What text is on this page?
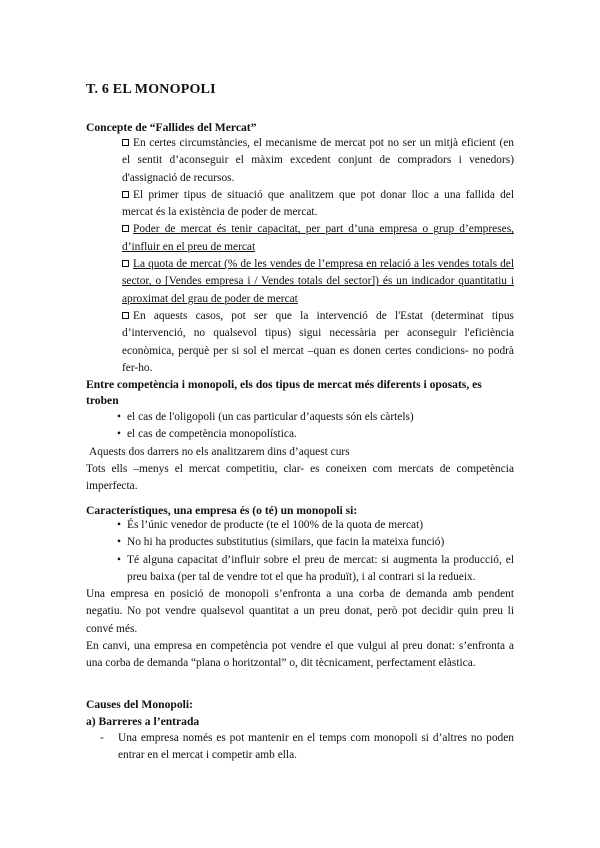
T. 6 EL MONOPOLI
Concepte de “Fallides del Mercat”
En certes circumstàncies, el mecanisme de mercat pot no ser un mitjà eficient (en el sentit d’aconseguir el màxim excedent conjunt de compradors i venedors) d'assignació de recursos.
El primer tipus de situació que analitzem que pot donar lloc a una fallida del mercat és la existència de poder de mercat.
Poder de mercat és tenir capacitat, per part d’una empresa o grup d’empreses, d’influir en el preu de mercat
La quota de mercat (% de les vendes de l’empresa en relació a les vendes totals del sector, o [Vendes empresa i / Vendes totals del sector]) és un indicador quantitatiu i aproximat del grau de poder de mercat
En aquests casos, pot ser que la intervenció de l'Estat (determinat tipus d’intervenció, no qualsevol tipus) sigui necessària per aconseguir l'eficiència econòmica, perquè per si sol el mercat –quan es donen certes condicions- no podrà fer-ho.
Entre competència i monopoli, els dos tipus de mercat més diferents i oposats, es troben
• el cas de l'oligopoli (un cas particular d’aquests són els càrtels)
• el cas de competència monopolística.
Aquests dos darrers no els analitzarem dins d’aquest curs
Tots ells –menys el mercat competitiu, clar- es coneixen com mercats de competència imperfecta.
Característiques, una empresa és (o té) un monopoli si:
• És l’únic venedor de producte (te el 100% de la quota de mercat)
• No hi ha productes substitutius (similars, que facin la mateixa funció)
• Té alguna capacitat d’influir sobre el preu de mercat: si augmenta la producció, el preu baixa (per tal de vendre tot el que ha produït), i al contrari si la redueix.
Una empresa en posició de monopoli s’enfronta a una corba de demanda amb pendent negatiu. No pot vendre qualsevol quantitat a un preu donat, però pot decidir quin preu li convé més.
En canvi, una empresa en competència pot vendre el que vulgui al preu donat: s’enfronta a una corba de demanda “plana o horitzontal” o, dit tècnicament, perfectament elàstica.
Causes del Monopoli:
a) Barreres a l’entrada
- Una empresa només es pot mantenir en el temps com monopoli si d’altres no poden entrar en el mercat i competir amb ella.
